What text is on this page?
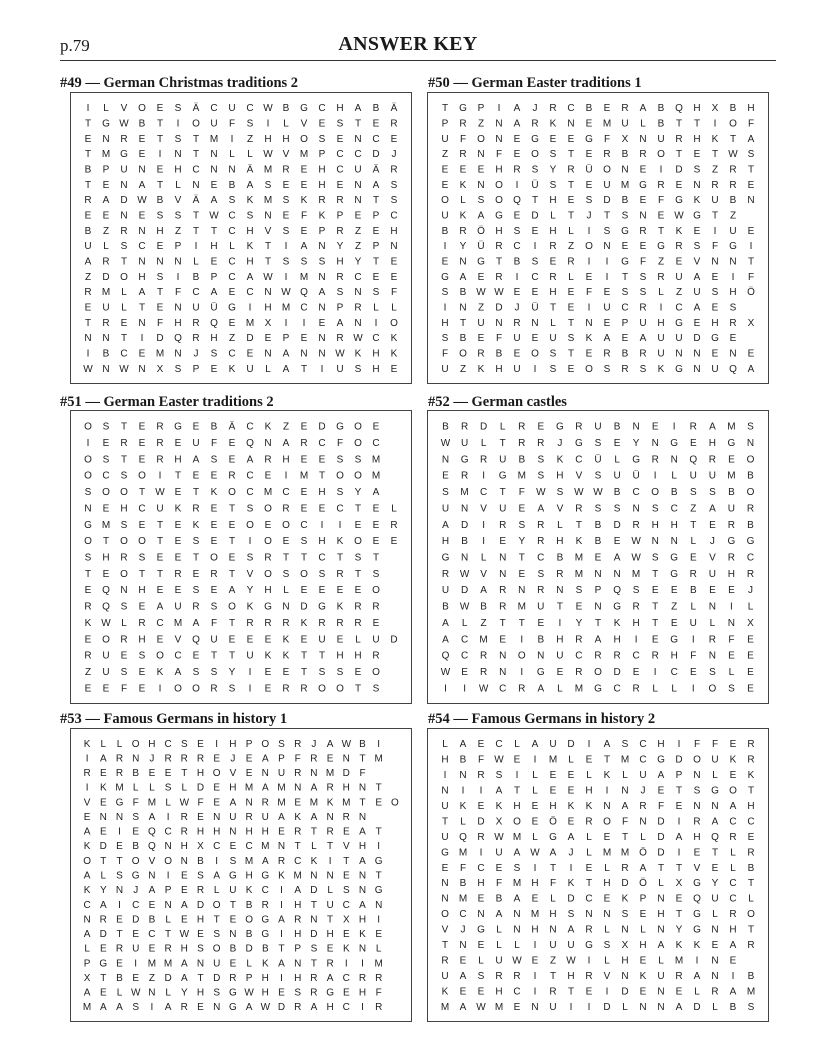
p.79	ANSWER KEY
#49 — German Christmas traditions 2
I L V O E S Ä C U C W B G C H A B Ä
T G W B T I O U F S I L V E S T E R
E N R E T S T M I Z H H O S E N C E
T M G E I N T N L L W V M P C C D J
B P U N E H C N N Ä M R E H C U Ä R
T E N A T L N E B A S E E H E N A S
R A D W B V Ä A S K M S K R R N T S
E E N E S S T W C S N E F K P E P C
B Z R N H Z T T C H V S E P R Z E H
U L S C E P I H L K T I A N Y Z P N
A R T N N N L E C H T S S S H Y T E
Z D O H S I B P C A W I M N R C E E
R M L A T F C A E C N W Q A S N S F
E U L T E N U Ü G I H M C N P R L L
T R E N F H R Q E M X I I E A N I O
N N T I D Q R H Z D E P E N R W C K
I B C E M N J S C E N A N N W K H K
W N W N X S P E K U L A T I U S H E
#50 — German Easter traditions 1
T G P I A J R C B E R A B Q H X B H
P R Z N A R K N E M U L B T T I O F
U F O N E G E E G F X N U R H K T A
Z R N F E O S T E R B R O T E T W S
E E E H R S Y R Ü O N E I D S Z R T
E K N O I Ü S T E U M G R E N R R E
O L S O Q T H E S D B E F G K U B N
U K A G E D L T J T S N E W G T Z
B R Ö H S E H L I S G R T K E I U E
I Y Ü R C I R Z O N E E G R S F G I
E N G T B S E R I I G F Z E V N N T
G A E R I C R L E I T S R U A E I F
S B W W E E H E F E S S L Z U S H Ö
I N Z D J Ü T E I U C R I C A E S
H T U N R N L T N E P U H G E H R X
S B E F U E U S K A E A U U D G E
F O R B E O S T E R B R U N N E N E
U Z K H U I S E O S R S K G N U Q A
#51 — German Easter traditions 2
O S T E R G E B Ä C K Z E D G O E
I E R E R E U F E Q N A R C F O C
O S T E R H A S E A R H E E S S M
O C S O I T E E R C E I M T O O M
S O O T W E T K O C M C E H S Y A
N E H C U K R E T S O R E E C T E L
G M S E T E K E E O E O C I I E E R
O T O O T E S E T I O E S H K O E E
S H R S E E T O E S R T T C T S T
T E O T T R E R T V O S O S R T S
E Q N H E E S E A Y H L E E E E O
R Q S E A U R S O K G N D G K R R
K W L R C M A F T R R R K R R R E
E O R H E V Q U E E E K E U E L U D
R U E S O C E T T U K K T T H H R
Z U S E K A S S Y I E E T S S E O
E E F E I O O R S I E R R O O T S
#52 — German castles
B R D L R E G R U B N E I R A M S
W U L T R R J G S E Y N G E H G N
N G R U B S K C Ü L G R N Q R E O
E R I G M S H V S U Ü I L U U M B
S M C T F W S W W B C O B S S B O
U N V U E A V R S S N S C Z A U R
A D I R S R L T B D R H H T E R B
H B I E Y R H K B E W N N L J G G
G N L N T C B M E A W S G E V R C
R W V N E S R M N N M T G R U H R
U D A R N R N S P Q S E E B E E J
B W B R M U T E N G R T Z L N I L
A L Z T T E I Y T K H T E U L N X
A C M E I B H R A H I E G I R F E
Q C R N O N U C R R C R H F N E E
W E R N I G E R O D E I C E S L E
I I W C R A L M G C R L L I O S E
#53 — Famous Germans in history 1
K L L O H C S E I H P O S R J A W B I
I A R N J R R R E J E A P F R E N T M
R E R B E E T H O V E N U R N M D F
I K M L L S L D E H M A M N A R H N T
V E G F M L W F E A N R M E M K M T E O
E N N S A I R E N U R U A K A N R N
A E I E Q C R H H N H H E R T R E A T
K D E B Q N H X C E C M N T L T V H I
O T T O V O N B I S M A R C K I T A G
A L S G N I E S A G H G K M N N E N T
K Y N J A P E R L U K C I A D L S N G
C A I C E N A D O T B R I H T U C A N
N R E D B L E H T E O G A R N T X H I
A D T E C T W E S N B G I H D H E K E
L E R U E R H S O B D B T P S E K N L
P G E I M M A N U E L K A N T R I I M
X T B E Z D A T D R P H I H R A C R R
A E L W N L Y H S G W H E S R G E H F
M A A S I A R E N G A W D R A H C I R
#54 — Famous Germans in history 2
L A E C L A U D I A S C H I F F E R
H B F W E I M L E T M C G D O U K R
I N R S I L E E L K L U A P N L E K
N I I A T L E E H I N J E T S G O T
U K E K H E H K K N A R F E N N A H
T L D X O E Ö E R O F N D I R A C C
U Q R W M L G A L E T L D A H Q R E
G M I U A W A J L M M Ö D I E T L R
E F C E S I T I E L R A T T V E L B
N B H F M H F K T H D Ö L X G Y C T
N M E B A E L D C E K P N E Q U C L
O C N A N M H S N N S E H T G L R O
V J G L N H N A R L N L N Y G N H T
T N E L L I U U G S X H A K K E A R
R E L U W E Z W I L H E L M I N E
U A S R R I T H R V N K U R A N I B
K E E H C I R T E I D E N E L R A M
M A W M E N U I I D L N N A D L B S
